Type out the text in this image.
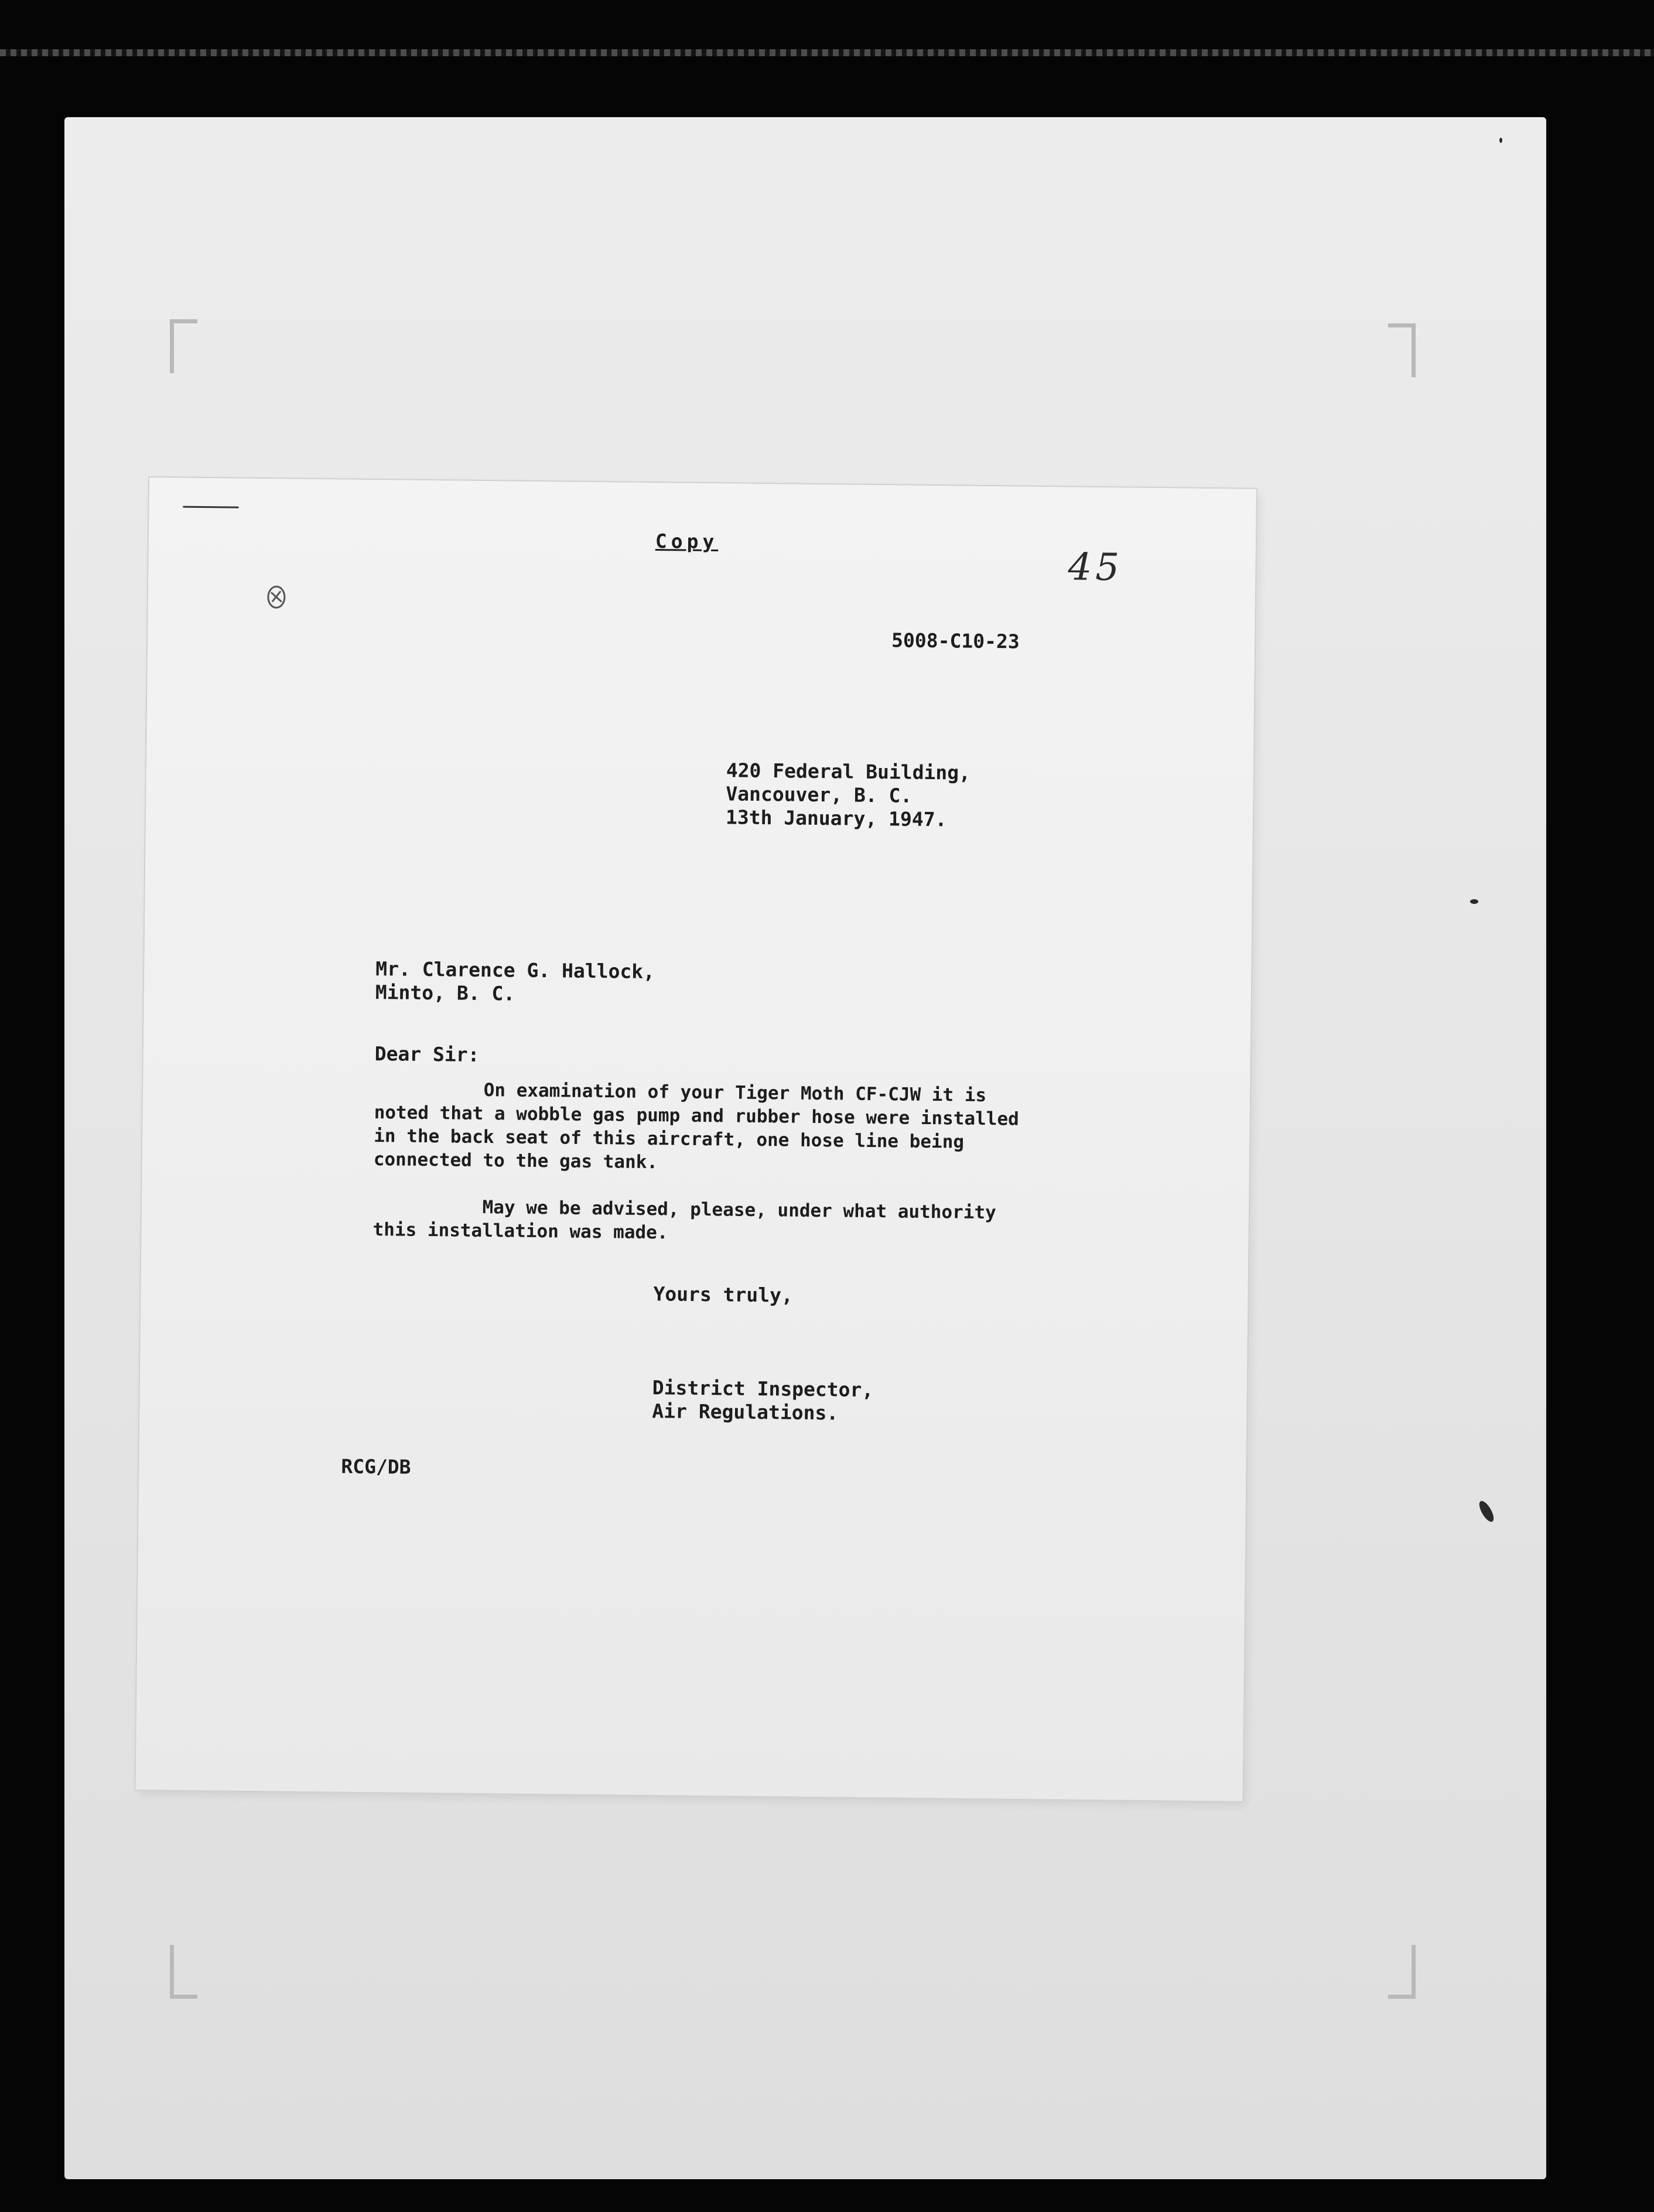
Copy

45

5008-C10-23

420 Federal Building,
Vancouver, B. C.
13th January, 1947.
Mr. Clarence G. Hallock,
Minto, B. C.

Dear Sir:

On examination of your Tiger Moth CF-CJW it is
noted that a wobble gas pump and rubber hose were installed
in the back seat of this aircraft, one hose line being
connected to the gas tank.
May we be advised, please, under what authority
this installation was made.

Yours truly,

District Inspector,
Air Regulations.

RCG/DB
